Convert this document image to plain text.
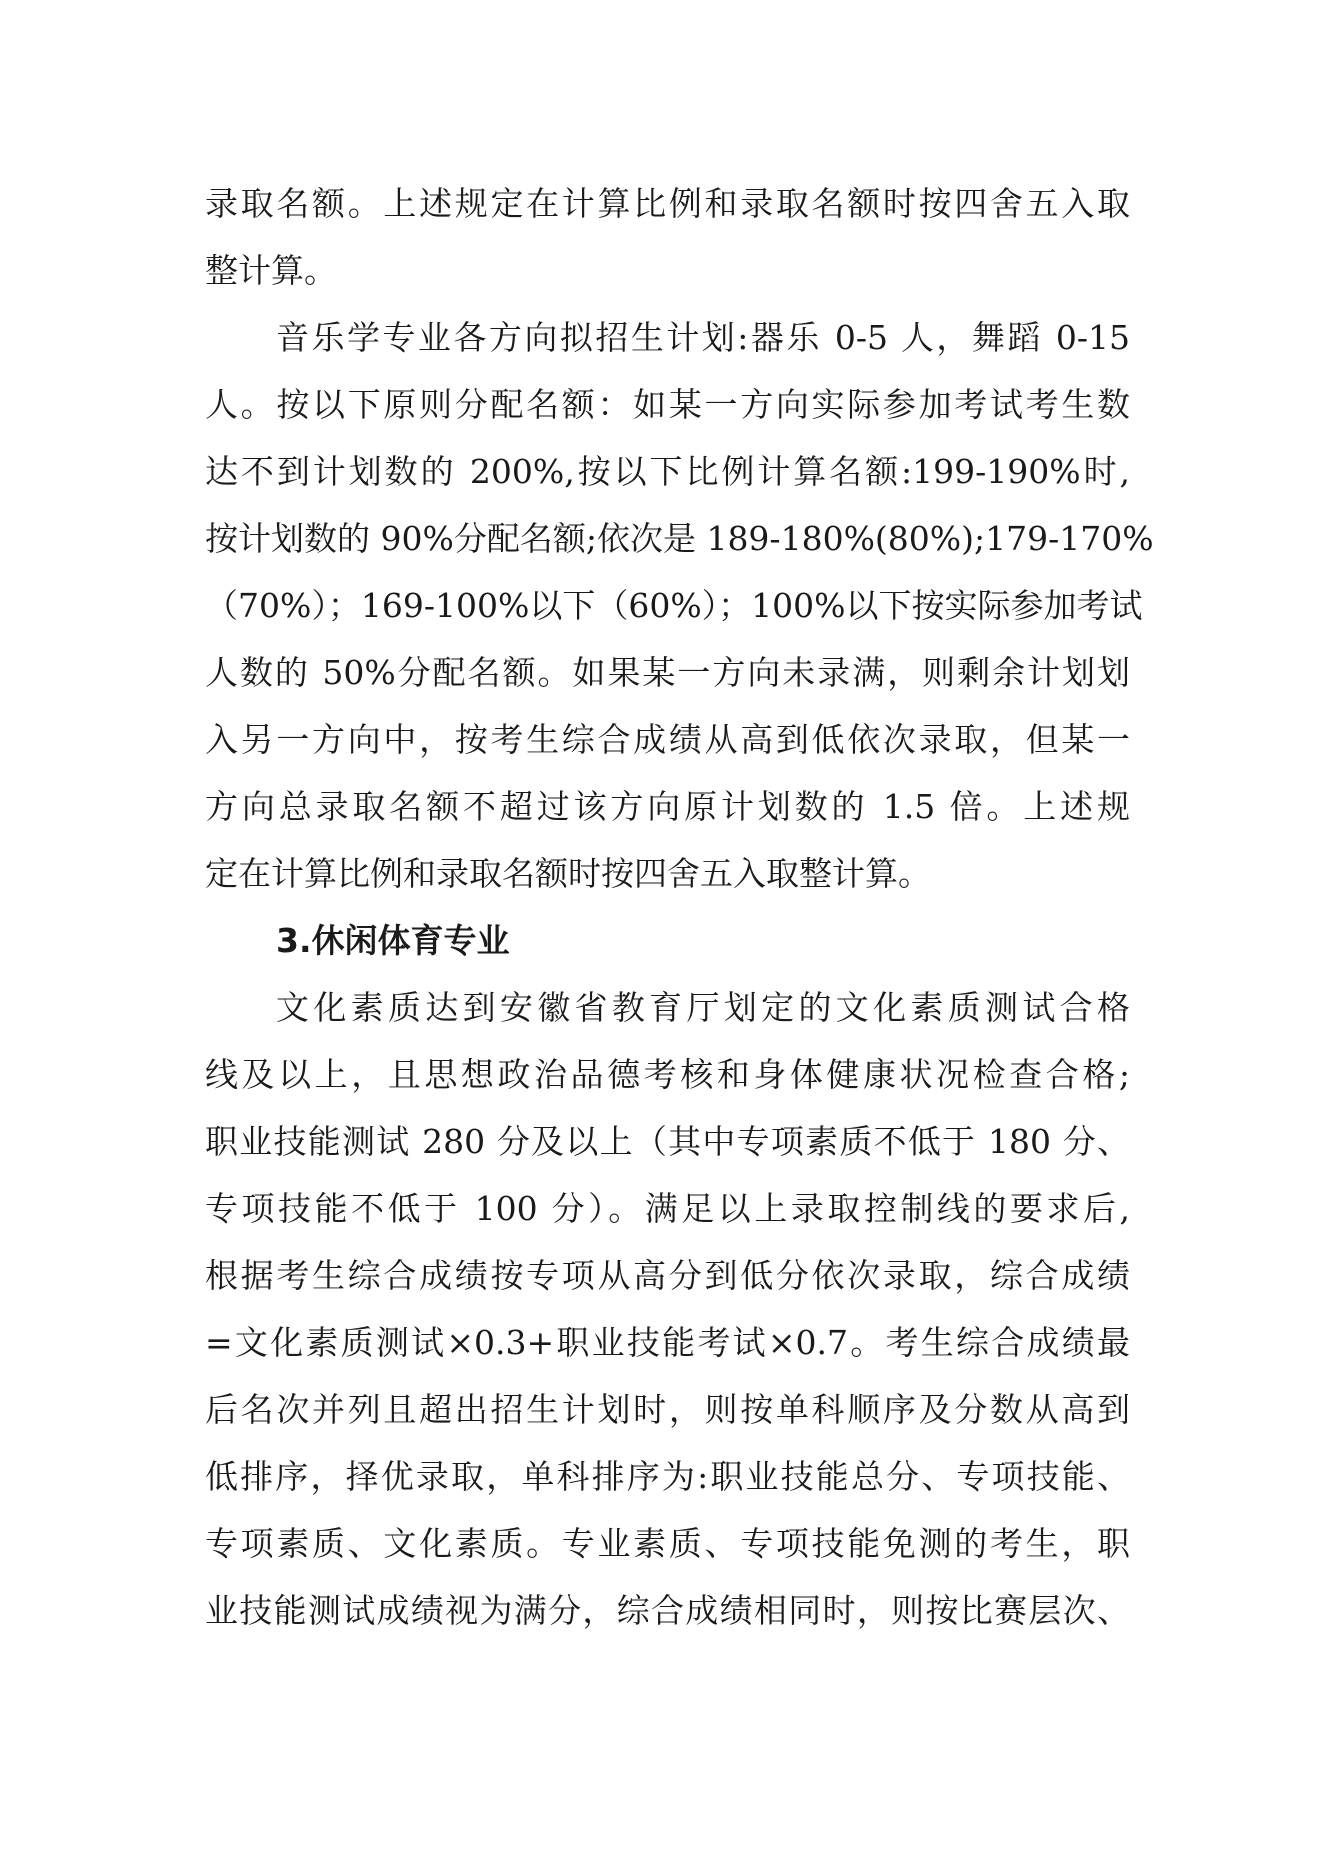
录取名额。上述规定在计算比例和录取名额时按四舍五入取
整计算。
音乐学专业各方向拟招生计划:器乐 0-5 人，舞蹈 0-15
人。按以下原则分配名额：如某一方向实际参加考试考生数
达不到计划数的 200%,按以下比例计算名额:199-190%时,
按计划数的 90%分配名额;依次是 189-180%(80%);179-170%
（70%）；169-100%以下（60%）；100%以下按实际参加考试
人数的 50%分配名额。如果某一方向未录满，则剩余计划划
入另一方向中，按考生综合成绩从高到低依次录取，但某一
方向总录取名额不超过该方向原计划数的 1.5 倍。上述规
定在计算比例和录取名额时按四舍五入取整计算。
3.休闲体育专业
文化素质达到安徽省教育厅划定的文化素质测试合格
线及以上，且思想政治品德考核和身体健康状况检查合格;
职业技能测试 280 分及以上（其中专项素质不低于 180 分、
专项技能不低于 100 分）。满足以上录取控制线的要求后,
根据考生综合成绩按专项从高分到低分依次录取，综合成绩
=文化素质测试×0.3+职业技能考试×0.7。考生综合成绩最
后名次并列且超出招生计划时，则按单科顺序及分数从高到
低排序，择优录取，单科排序为:职业技能总分、专项技能、
专项素质、文化素质。专业素质、专项技能免测的考生，职
业技能测试成绩视为满分，综合成绩相同时，则按比赛层次、
